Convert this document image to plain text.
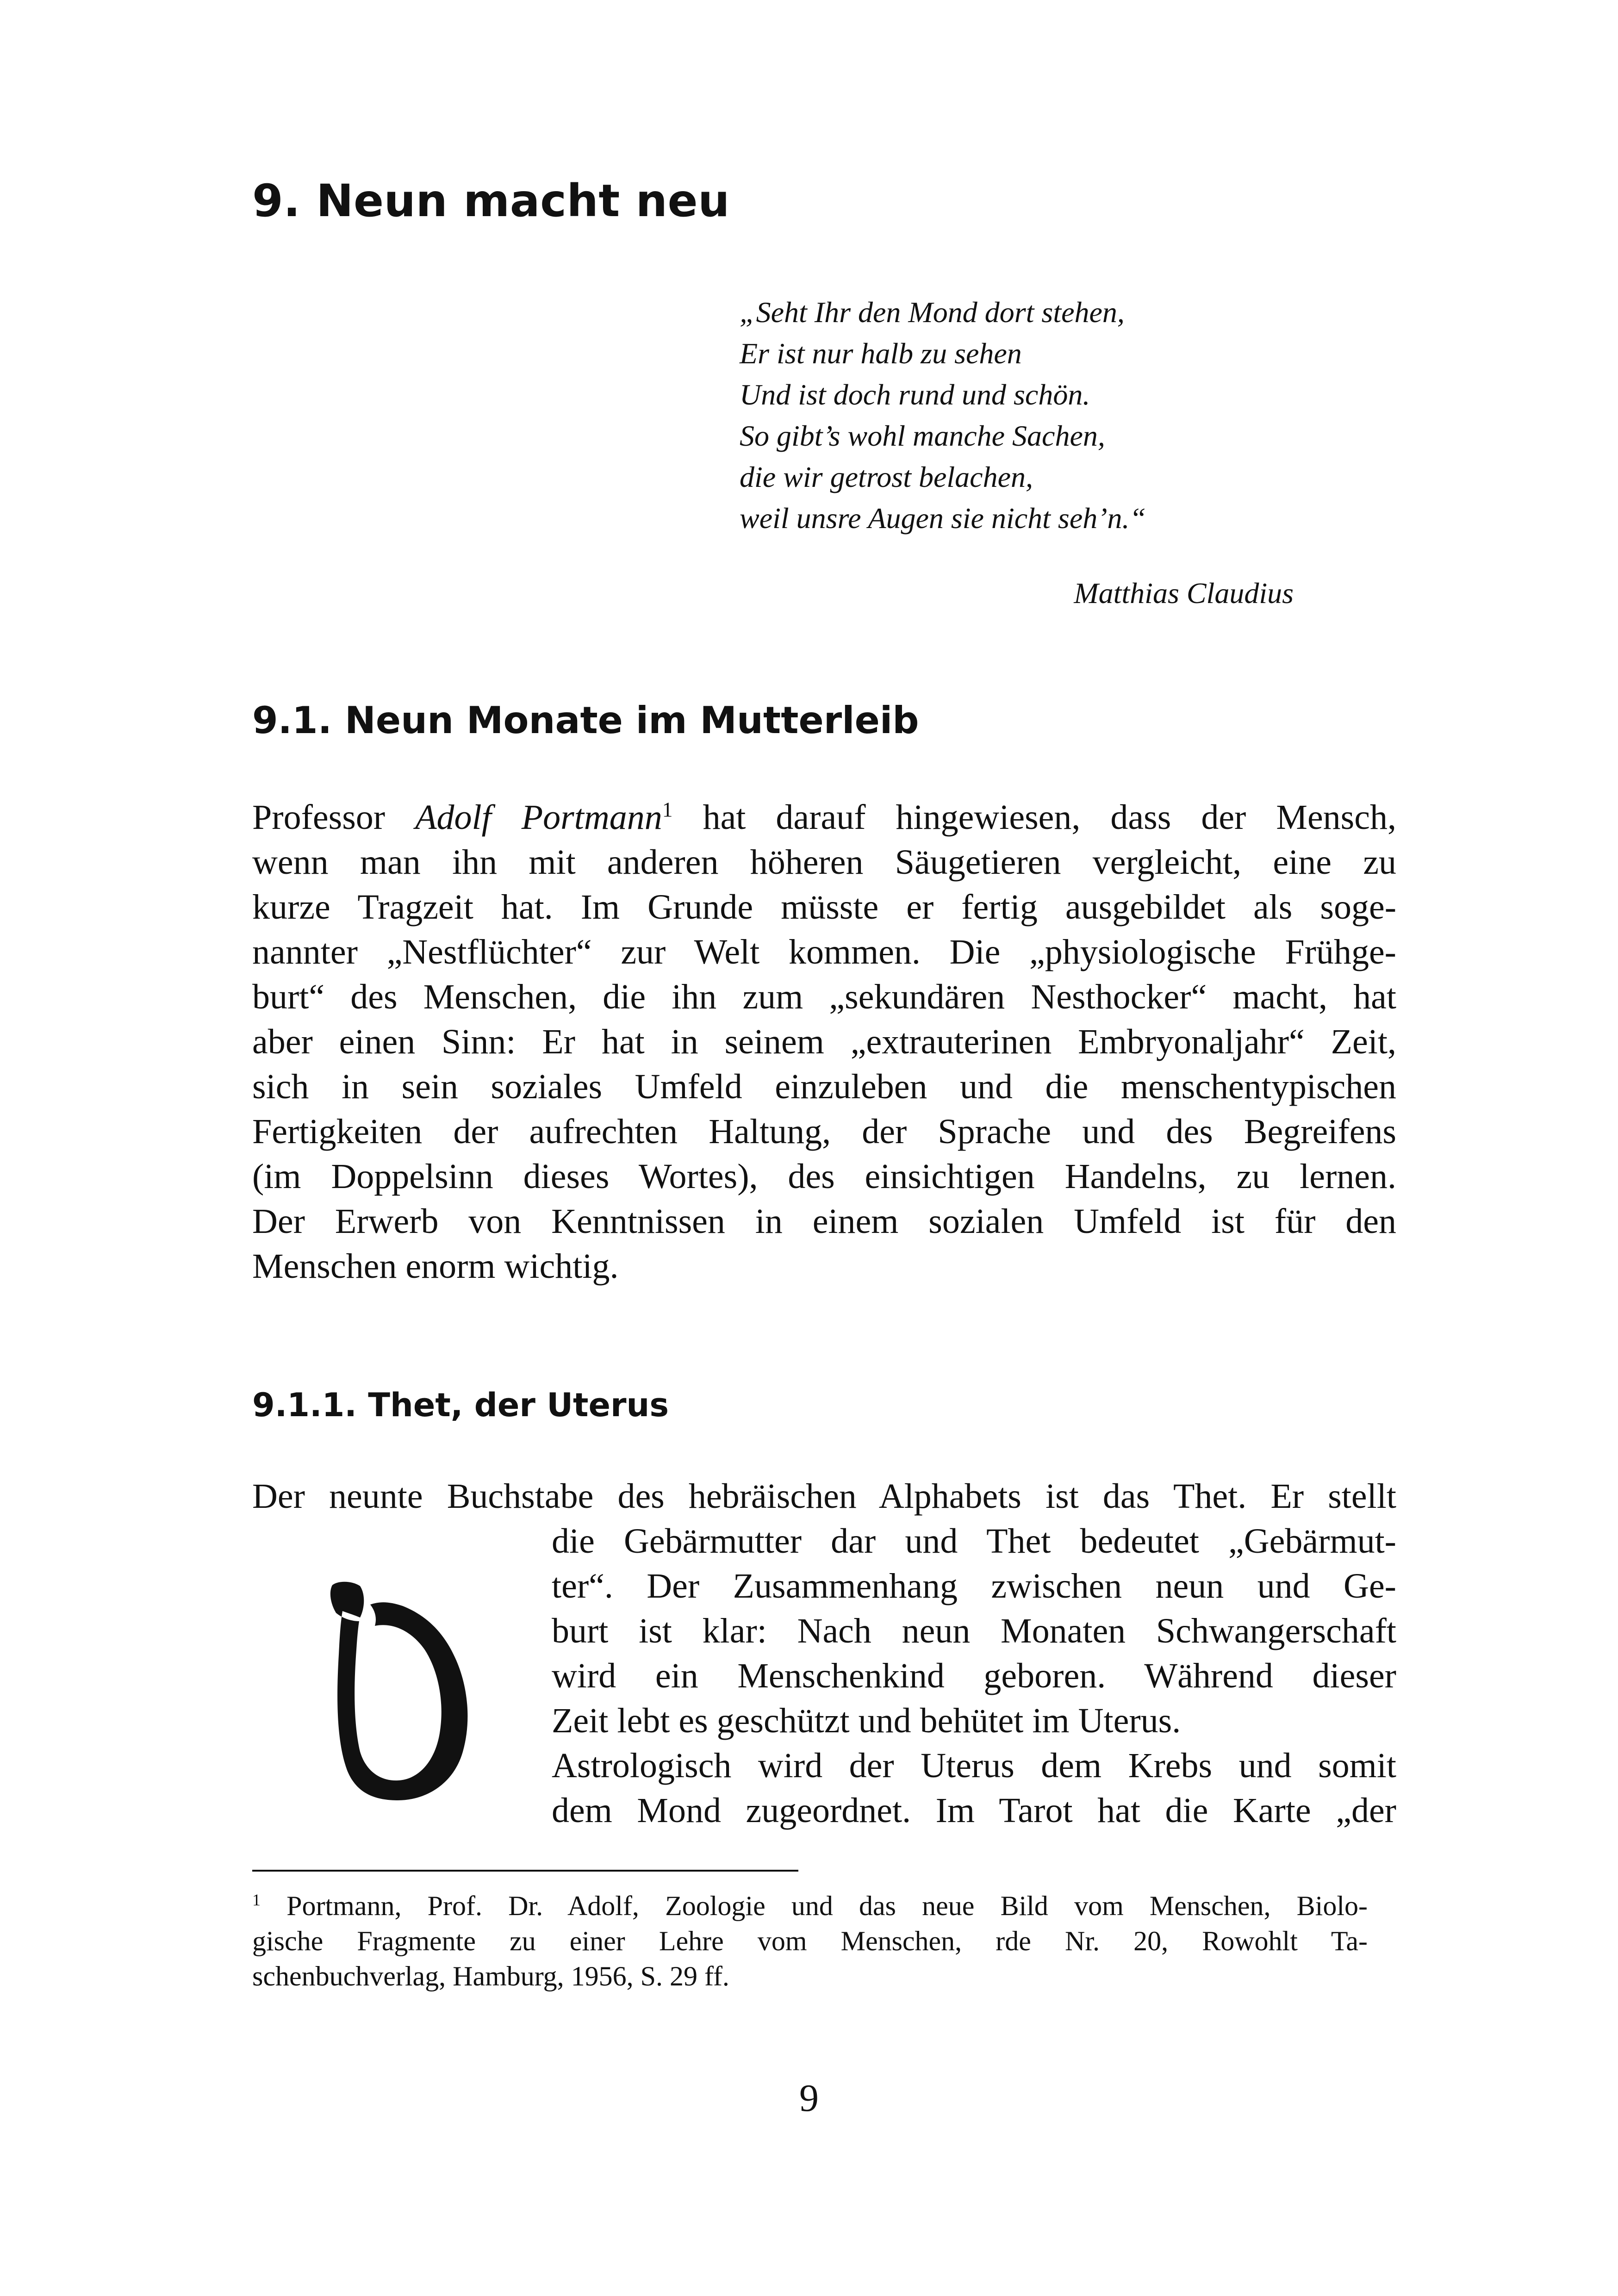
9. Neun macht neu
„Seht Ihr den Mond dort stehen,
Er ist nur halb zu sehen
Und ist doch rund und schön.
So gibt’s wohl manche Sachen,
die wir getrost belachen,
weil unsre Augen sie nicht seh’n.“
Matthias Claudius
9.1. Neun Monate im Mutterleib
Professor Adolf Portmann$^1$ hat darauf hingewiesen, dass der Mensch,
wenn man ihn mit anderen höheren Säugetieren vergleicht, eine zu
kurze Tragzeit hat. Im Grunde müsste er fertig ausgebildet als soge-
nannter „Nestflüchter“ zur Welt kommen. Die „physiologische Frühge-
burt“ des Menschen, die ihn zum „sekundären Nesthocker“ macht, hat
aber einen Sinn: Er hat in seinem „extrauterinen Embryonaljahr“ Zeit,
sich in sein soziales Umfeld einzuleben und die menschentypischen
Fertigkeiten der aufrechten Haltung, der Sprache und des Begreifens
(im Doppelsinn dieses Wortes), des einsichtigen Handelns, zu lernen.
Der Erwerb von Kenntnissen in einem sozialen Umfeld ist für den
Menschen enorm wichtig.
9.1.1. Thet, der Uterus
Der neunte Buchstabe des hebräischen Alphabets ist das Thet. Er stellt
die Gebärmutter dar und Thet bedeutet „Gebärmut-
ter“. Der Zusammenhang zwischen neun und Ge-
burt ist klar: Nach neun Monaten Schwangerschaft
wird ein Menschenkind geboren. Während dieser
Zeit lebt es geschützt und behütet im Uterus.
Astrologisch wird der Uterus dem Krebs und somit
dem Mond zugeordnet. Im Tarot hat die Karte „der
$^1$ Portmann, Prof. Dr. Adolf, Zoologie und das neue Bild vom Menschen, Biolo-
gische Fragmente zu einer Lehre vom Menschen, rde Nr. 20, Rowohlt Ta-
schenbuchverlag, Hamburg, 1956, S. 29 ff.
9
